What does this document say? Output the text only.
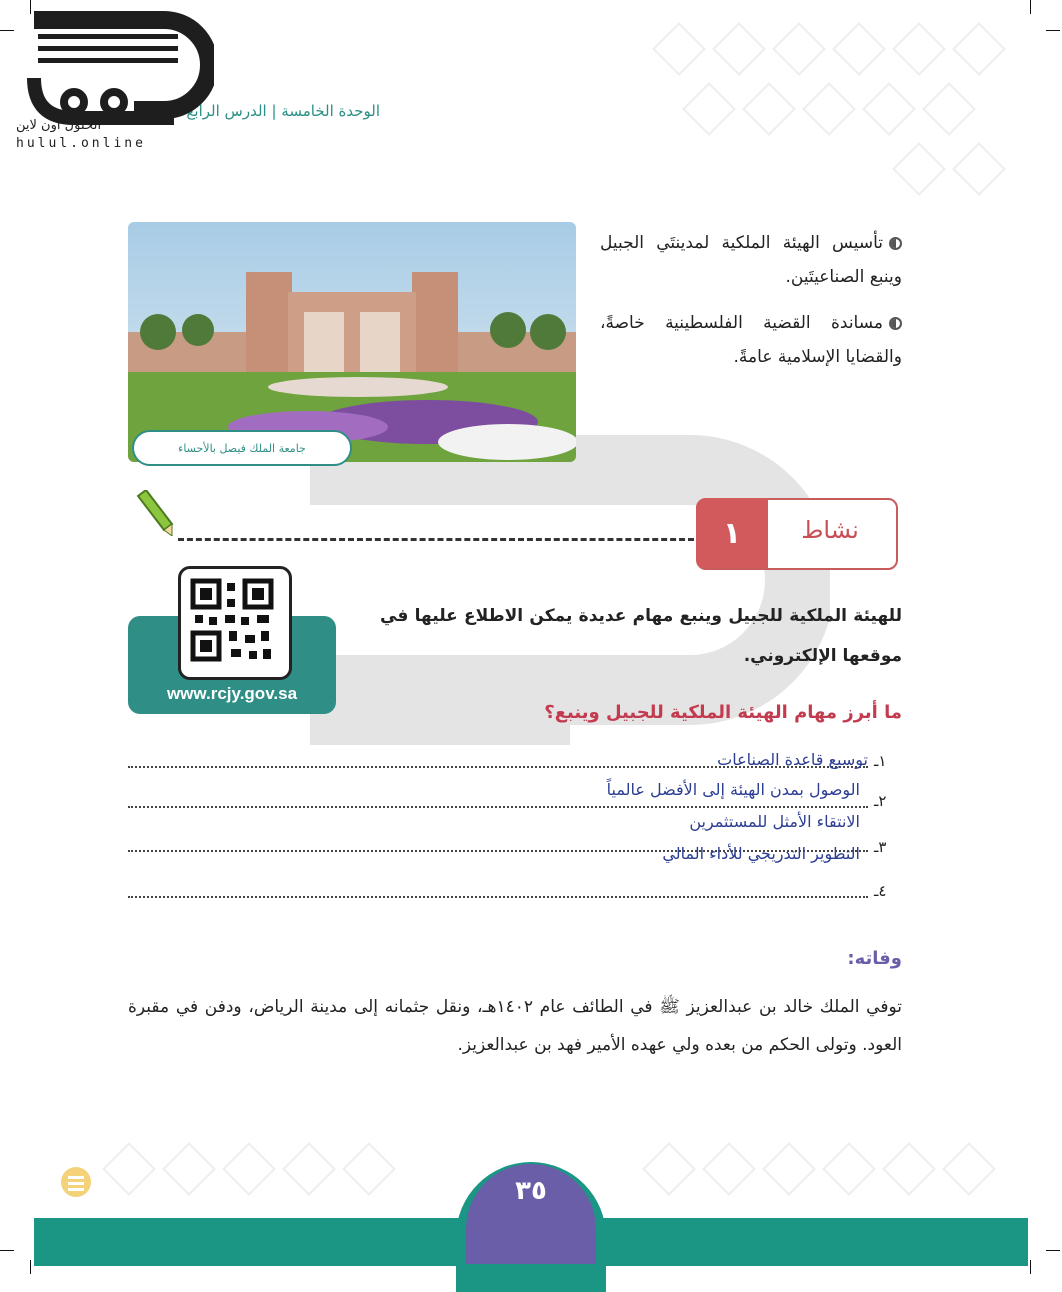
الوحدة الخامسة | الدرس الرابع
الحلول اون لاين
hulul.online
جامعة الملك فيصل بالأحساء

تأسيس الهيئة الملكية لمدينتَي الجبيل وينبع الصناعيتَين.

مساندة القضية الفلسطينية خاصةً، والقضايا الإسلامية عامةً.

١	نشاط
www.rcjy.gov.sa
للهيئة الملكية للجبيل وينبع مهام عديدة يمكن الاطلاع عليها في موقعها الإلكتروني.
ما أبرز مهام الهيئة الملكية للجبيل وينبع؟
١ـ
توسيع قاعدة الصناعات
٢ـ
الوصول بمدن الهيئة إلى الأفضل عالمياً
الانتقاء الأمثل للمستثمرين
٣ـ
التطوير التدريجي للأداء المالي
٤ـ
وفاته:
توفي الملك خالد بن عبدالعزيز ﷺ في الطائف عام ١٤٠٢هـ، ونقل جثمانه إلى مدينة الرياض، ودفن في مقبرة العود. وتولى الحكم من بعده ولي عهده الأمير فهد بن عبدالعزيز.
٣٥
